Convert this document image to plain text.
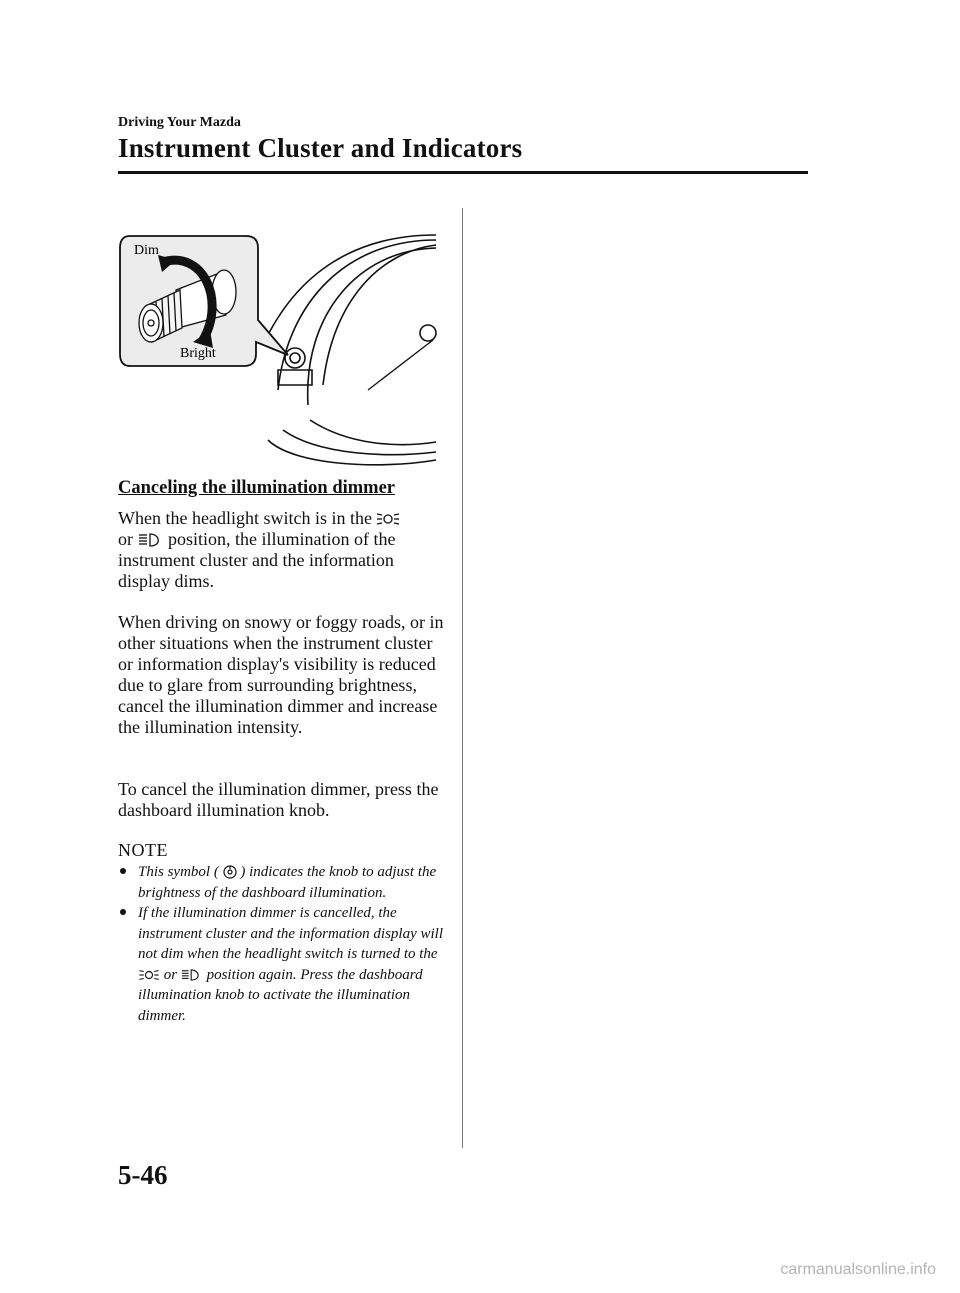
Driving Your Mazda
Instrument Cluster and Indicators
Dim
Bright
Canceling the illumination dimmer

When the headlight switch is in the
or position, the illumination of the instrument cluster and the information display dims.

When driving on snowy or foggy roads, or in other situations when the instrument cluster or information display's visibility is reduced due to glare from surrounding brightness, cancel the illumination dimmer and increase the illumination intensity.

To cancel the illumination dimmer, press the dashboard illumination knob.

NOTE
This symbol ( ) indicates the knob to adjust the brightness of the dashboard illumination.
If the illumination dimmer is cancelled, the instrument cluster and the information display will not dim when the headlight switch is turned to the  or position again. Press the dashboard illumination knob to activate the illumination dimmer.
5-46
carmanualsonline.info
